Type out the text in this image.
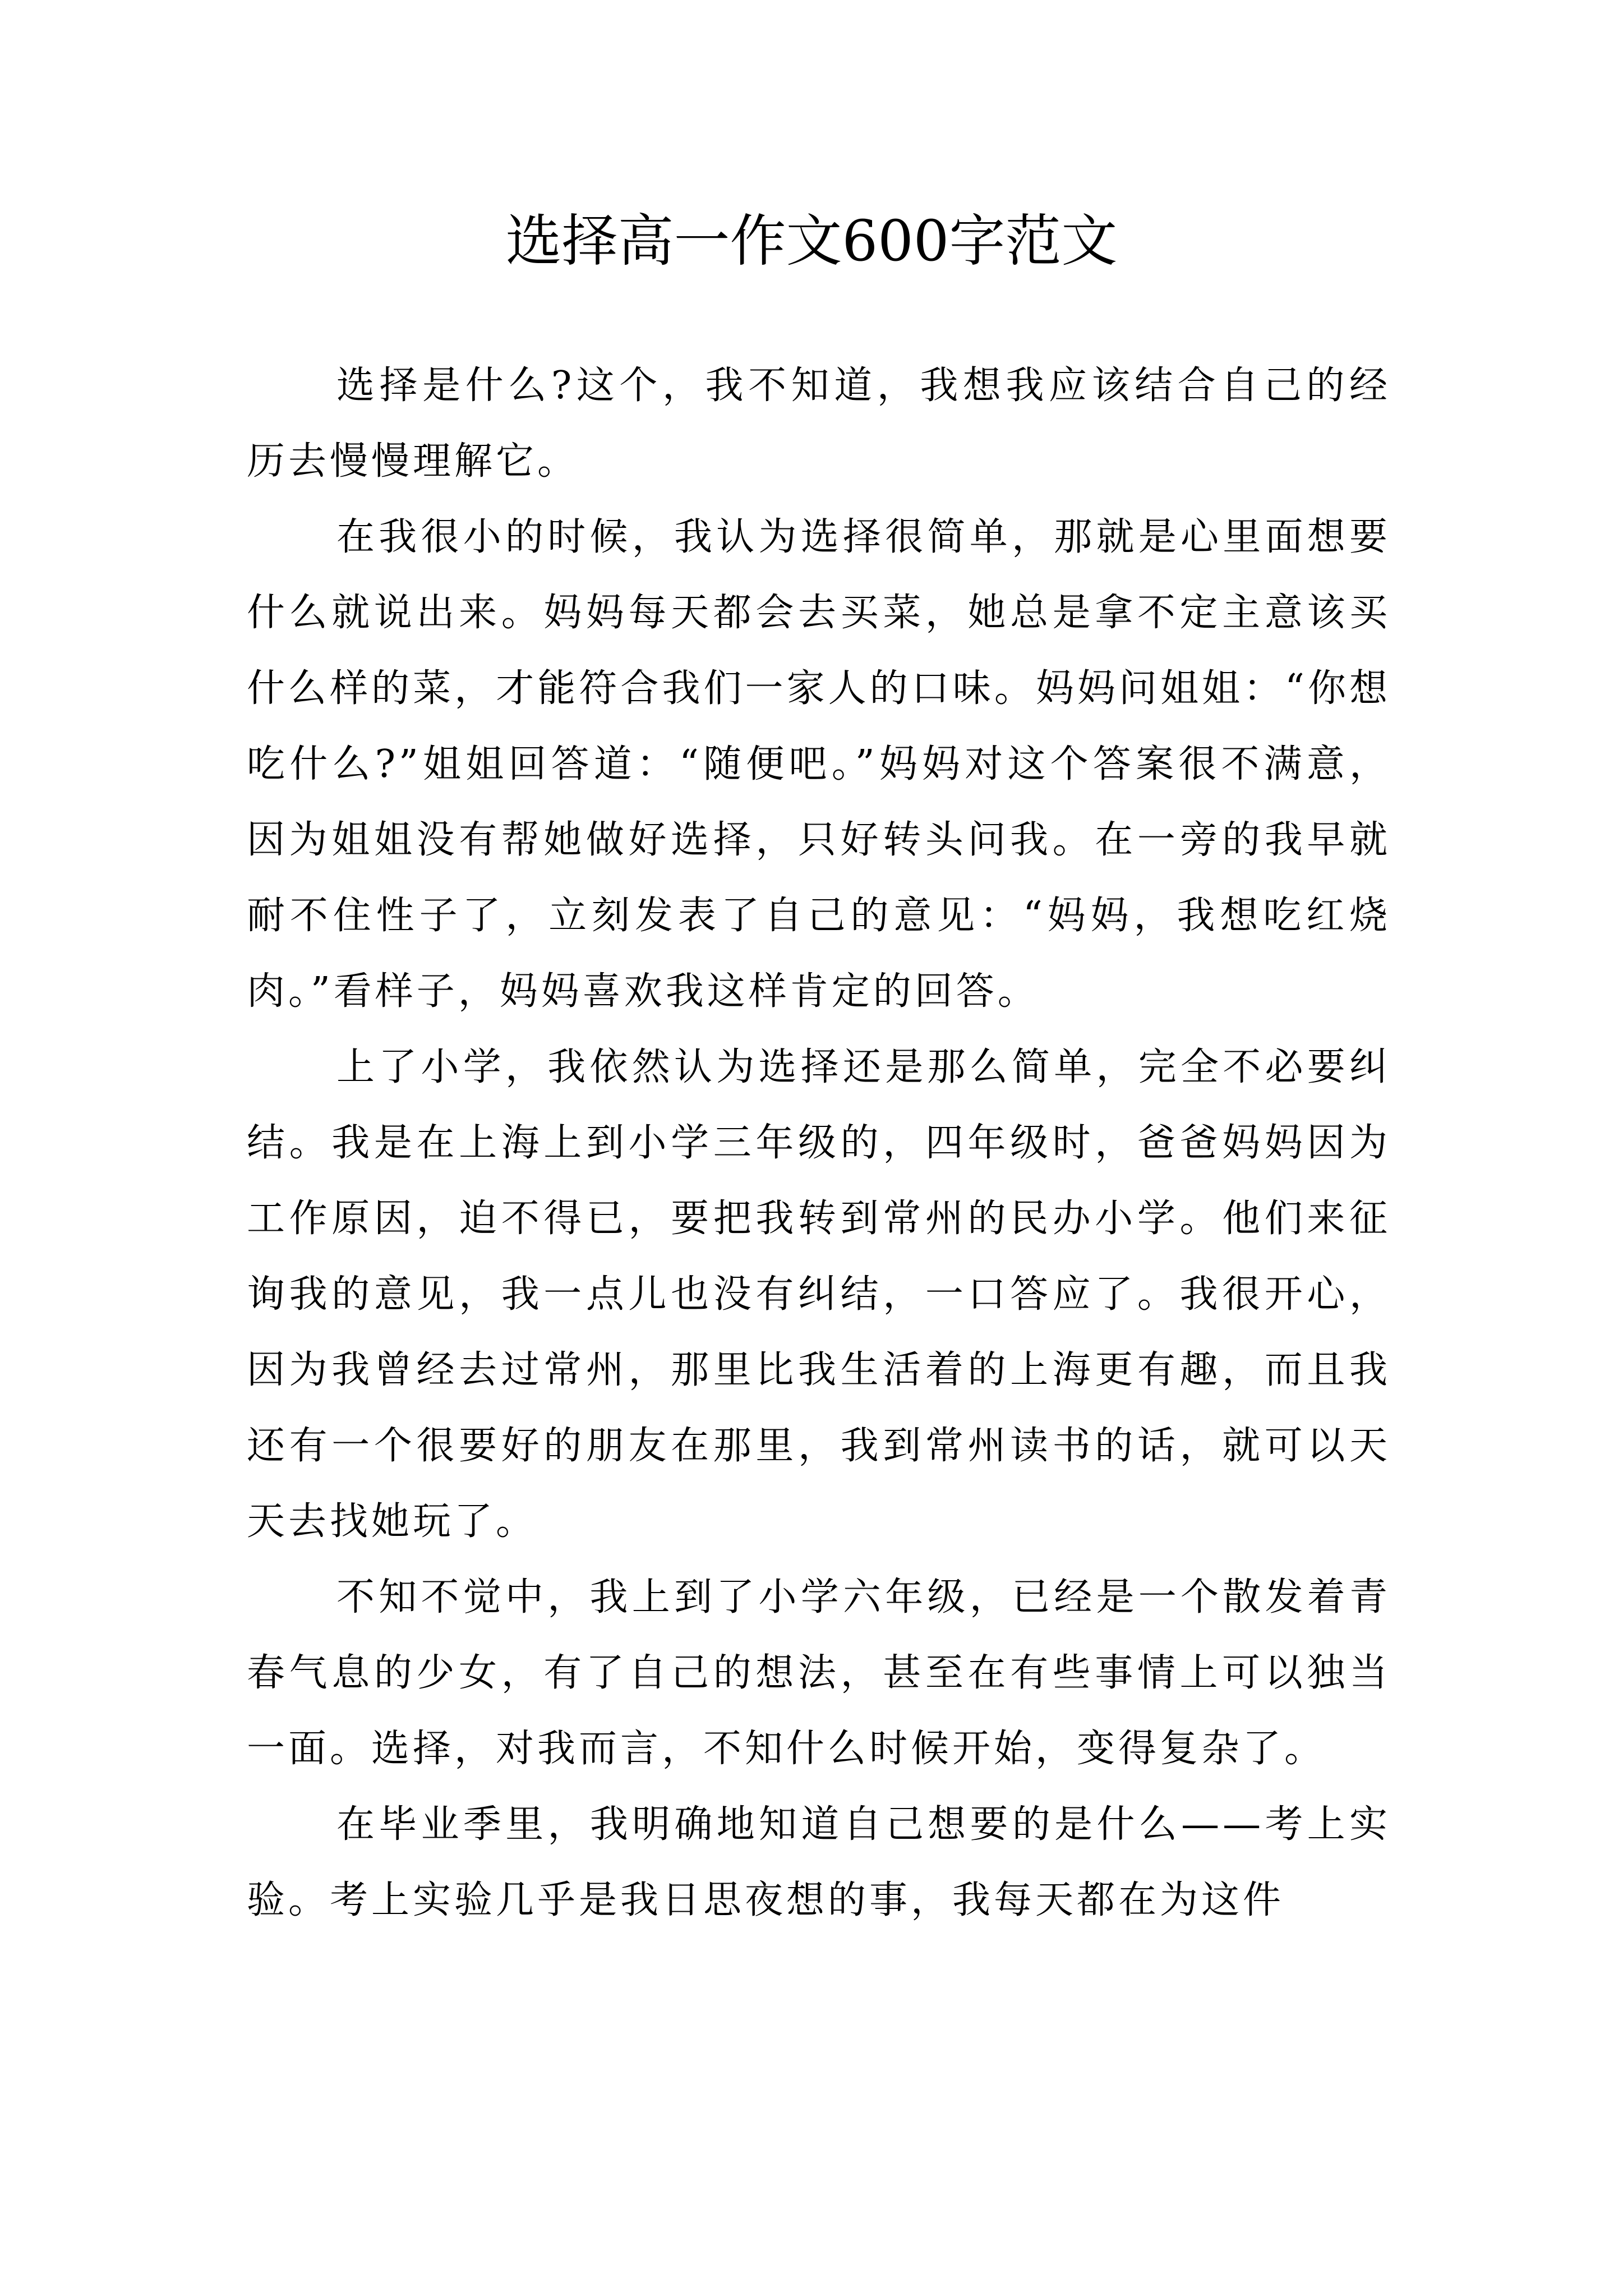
选择高一作文600字范文

选择是什么?这个，我不知道，我想我应该结合自己的经历去慢慢理解它。

在我很小的时候，我认为选择很简单，那就是心里面想要什么就说出来。妈妈每天都会去买菜，她总是拿不定主意该买什么样的菜，才能符合我们一家人的口味。妈妈问姐姐：“你想吃什么?”姐姐回答道：“随便吧。”妈妈对这个答案很不满意，因为姐姐没有帮她做好选择，只好转头问我。在一旁的我早就耐不住性子了，立刻发表了自己的意见：“妈妈，我想吃红烧肉。”看样子，妈妈喜欢我这样肯定的回答。

上了小学，我依然认为选择还是那么简单，完全不必要纠结。我是在上海上到小学三年级的，四年级时，爸爸妈妈因为工作原因，迫不得已，要把我转到常州的民办小学。他们来征询我的意见，我一点儿也没有纠结，一口答应了。我很开心，因为我曾经去过常州，那里比我生活着的上海更有趣，而且我还有一个很要好的朋友在那里，我到常州读书的话，就可以天天去找她玩了。

不知不觉中，我上到了小学六年级，已经是一个散发着青春气息的少女，有了自己的想法，甚至在有些事情上可以独当一面。选择，对我而言，不知什么时候开始，变得复杂了。

在毕业季里，我明确地知道自己想要的是什么——考上实验。考上实验几乎是我日思夜想的事，我每天都在为这件
